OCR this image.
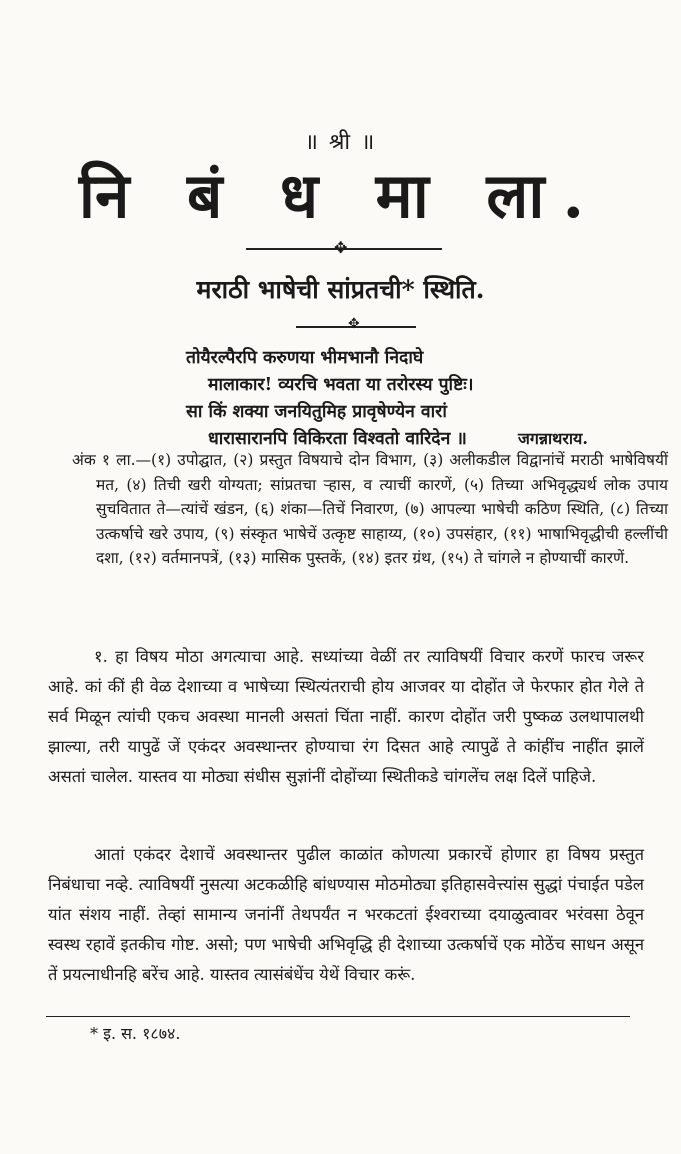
॥ श्री ॥
नि बं ध मा ला.
✥
मराठी भाषेची सांप्रतची* स्थिति.
✥
तोयैरल्पैरपि करुणया भीमभानौ निदाघे
मालाकार! व्यरचि भवता या तरोरस्य पुष्टिः।
सा किं शक्या जनयितुमिह प्रावृषेण्येन वारां
धारासारानपि विकिरता विश्वतो वारिदेन ॥	जगन्नाथराय.
अंक १ ला.—(१) उपोद्घात, (२) प्रस्तुत विषयाचे दोन विभाग, (३) अलीकडील विद्वानांचें मराठी भाषेविषयीं मत, (४) तिची खरी योग्यता; सांप्रतचा ऱ्हास, व त्याचीं कारणें, (५) तिच्या अभिवृद्ध्यर्थ लोक उपाय सुचवितात ते—त्यांचें खंडन, (६) शंका—तिचें निवारण, (७) आपल्या भाषेची कठिण स्थिति, (८) तिच्या उत्कर्षाचे खरे उपाय, (९) संस्कृत भाषेचें उत्कृष्ट साहाय्य, (१०) उपसंहार, (११) भाषाभिवृद्धीची हल्लींची दशा, (१२) वर्तमानपत्रें, (१३) मासिक पुस्तकें, (१४) इतर ग्रंथ, (१५) ते चांगले न होण्याचीं कारणें.

१. हा विषय मोठा अगत्याचा आहे. सध्यांच्या वेळीं तर त्याविषयीं विचार करणें फारच जरूर आहे. कां कीं ही वेळ देशाच्या व भाषेच्या स्थित्यंतराची होय आजवर या दोहोंत जे फेरफार होत गेले ते सर्व मिळून त्यांची एकच अवस्था मानली असतां चिंता नाहीं. कारण दोहोंत जरी पुष्कळ उलथापालथी झाल्या, तरी यापुढें जें एकंदर अवस्थान्तर होण्याचा रंग दिसत आहे त्यापुढें ते कांहींच नाहींत झालें असतां चालेल. यास्तव या मोठ्या संधीस सुज्ञांनीं दोहोंच्या स्थितीकडे चांगलेंच लक्ष दिलें पाहिजे.

आतां एकंदर देशाचें अवस्थान्तर पुढील काळांत कोणत्या प्रकारचें होणार हा विषय प्रस्तुत निबंधाचा नव्हे. त्याविषयीं नुसत्या अटकळीहि बांधण्यास मोठमोठ्या इतिहासवेत्त्यांस सुद्धां पंचाईत पडेल यांत संशय नाहीं. तेव्हां सामान्य जनांनीं तेथपर्यंत न भरकटतां ईश्वराच्या दयाळुत्वावर भरंवसा ठेवून स्वस्थ रहावें इतकीच गोष्ट. असो; पण भाषेची अभिवृद्धि ही देशाच्या उत्कर्षाचें एक मोठेंच साधन असून तें प्रयत्नाधीनहि बरेंच आहे. यास्तव त्यासंबंधेंच येथें विचार करूं.

* इ. स. १८७४.
